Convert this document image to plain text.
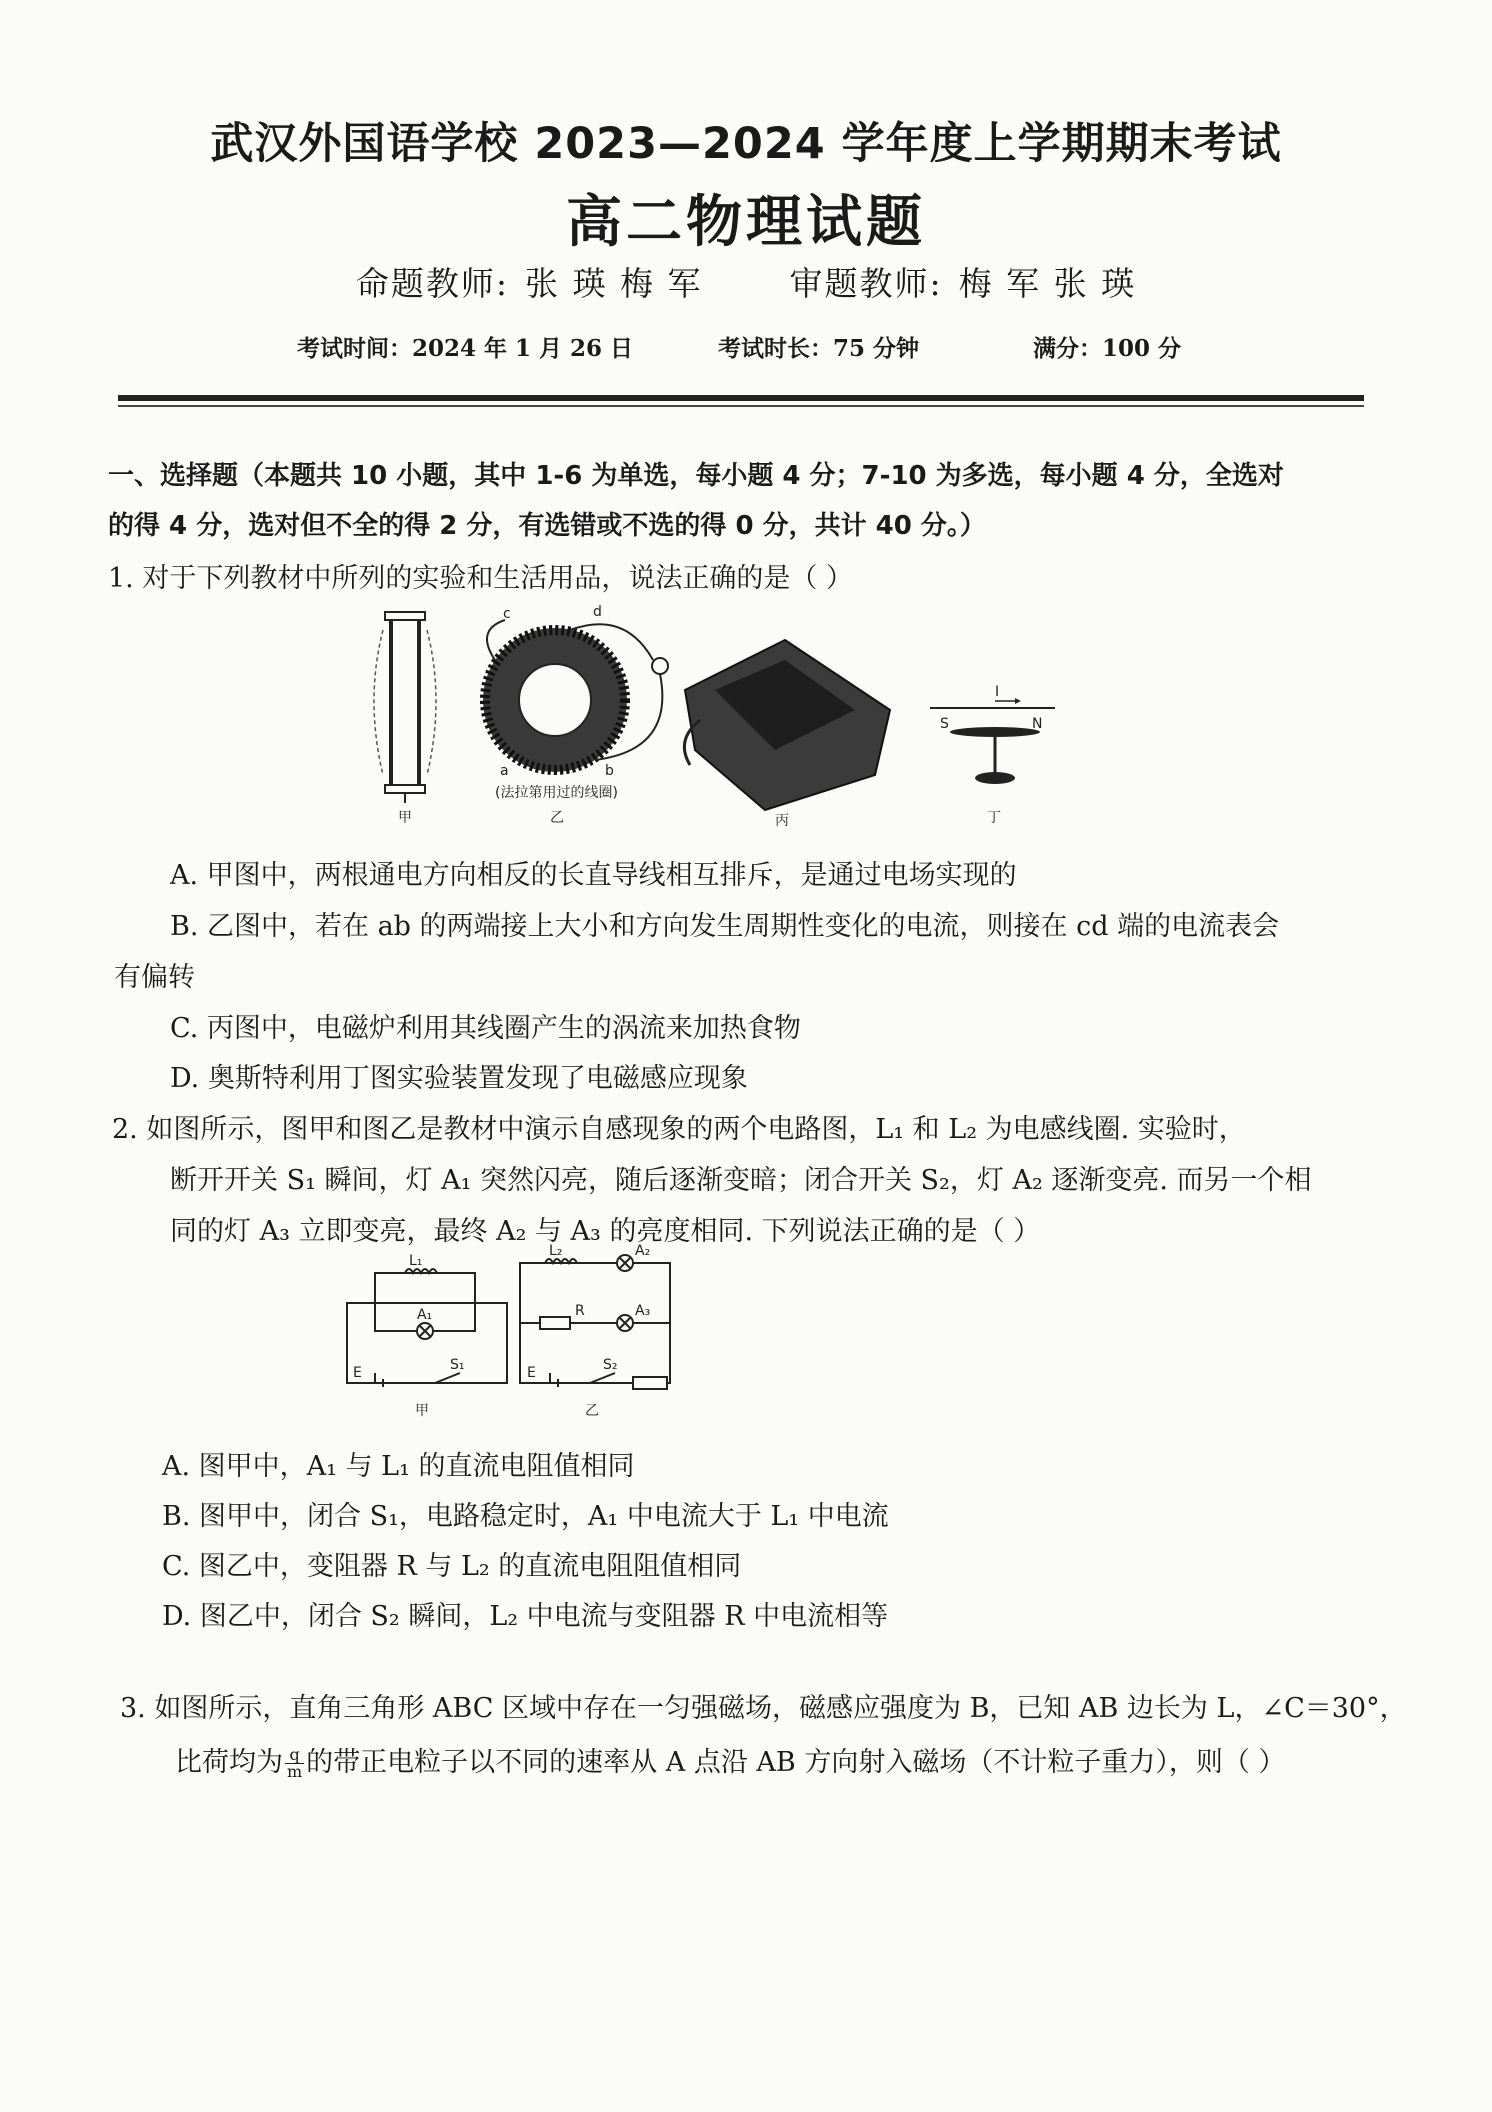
武汉外国语学校 2023—2024 学年度上学期期末考试
高二物理试题
命题教师: 张 瑛 梅 军	审题教师: 梅 军 张 瑛
考试时间：2024 年 1 月 26 日	考试时长：75 分钟	满分：100 分
一、选择题（本题共 10 小题，其中 1-6 为单选，每小题 4 分；7-10 为多选，每小题 4 分，全选对
的得 4 分，选对但不全的得 2 分，有选错或不选的得 0 分，共计 40 分。）
1. 对于下列教材中所列的实验和生活用品，说法正确的是（ ）
甲
c	d
a	b
(法拉第用过的线圈)
乙	丙
I
S	N
丁
A. 甲图中，两根通电方向相反的长直导线相互排斥，是通过电场实现的
B. 乙图中，若在 ab 的两端接上大小和方向发生周期性变化的电流，则接在 cd 端的电流表会
有偏转
C. 丙图中，电磁炉利用其线圈产生的涡流来加热食物
D. 奥斯特利用丁图实验装置发现了电磁感应现象
2. 如图所示，图甲和图乙是教材中演示自感现象的两个电路图，L₁ 和 L₂ 为电感线圈. 实验时，
断开开关 S₁ 瞬间，灯 A₁ 突然闪亮，随后逐渐变暗；闭合开关 S₂，灯 A₂ 逐渐变亮. 而另一个相
同的灯 A₃ 立即变亮，最终 A₂ 与 A₃ 的亮度相同. 下列说法正确的是（ ）
L₁
A₁
E	S₁
甲
L₂	A₂
R	A₃
E	S₂
乙
A. 图甲中，A₁ 与 L₁ 的直流电阻值相同
B. 图甲中，闭合 S₁，电路稳定时，A₁ 中电流大于 L₁ 中电流
C. 图乙中，变阻器 R 与 L₂ 的直流电阻阻值相同
D. 图乙中，闭合 S₂ 瞬间，L₂ 中电流与变阻器 R 中电流相等
3. 如图所示，直角三角形 ABC 区域中存在一匀强磁场，磁感应强度为 B，已知 AB 边长为 L，∠C＝30°，
比荷均为 $\frac{q}{m}$ 的带正电粒子以不同的速率从 A 点沿 AB 方向射入磁场（不计粒子重力），则（ ）
